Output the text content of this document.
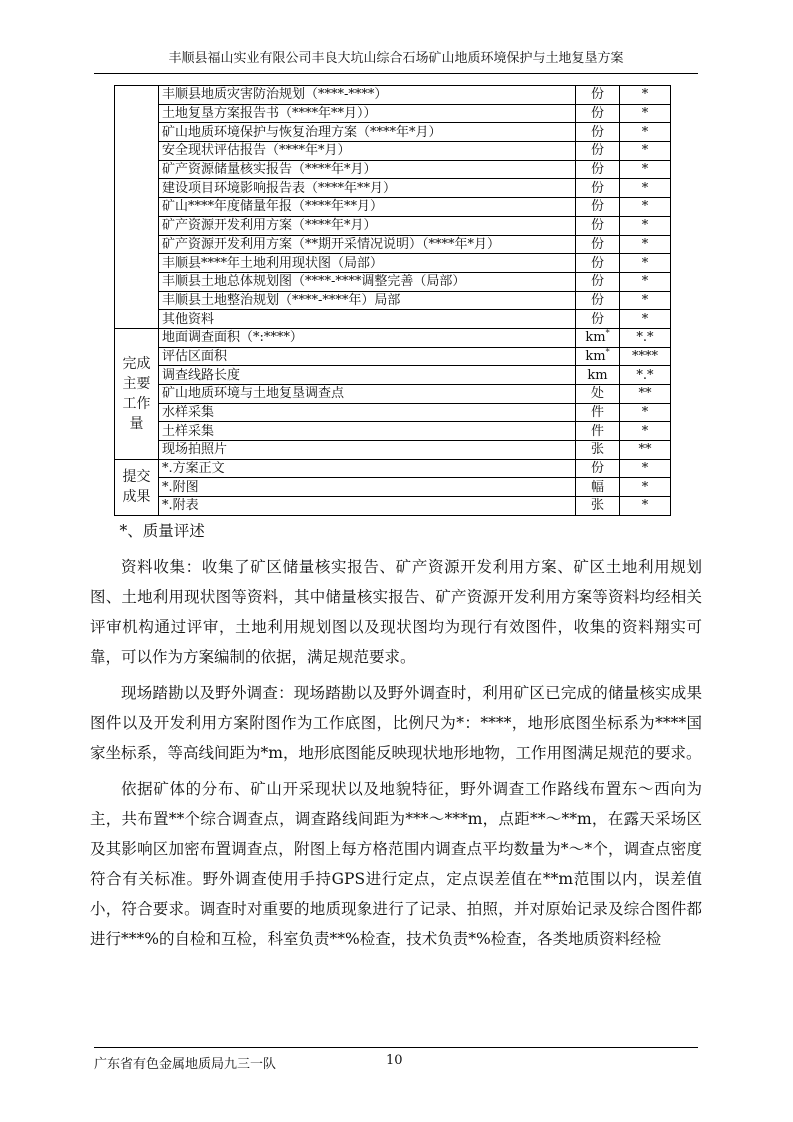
丰顺县福山实业有限公司丰良大坑山综合石场矿山地质环境保护与土地复垦方案
	丰顺县地质灾害防治规划（****-****）	份	*
	土地复垦方案报告书（****年**月））	份	*
	矿山地质环境保护与恢复治理方案（****年*月）	份	*
	安全现状评估报告（****年*月）	份	*
	矿产资源储量核实报告（****年*月）	份	*
	建设项目环境影响报告表（****年**月）	份	*
	矿山****年度储量年报（****年**月）	份	*
	矿产资源开发利用方案（****年*月）	份	*
	矿产资源开发利用方案（**期开采情况说明）（****年*月）	份	*
	丰顺县****年土地利用现状图（局部）	份	*
	丰顺县土地总体规划图（****-****调整完善（局部）	份	*
	丰顺县土地整治规划（****-****年）局部	份	*
	其他资料	份	*
完成主要工作量	地面调查面积（*:****）	km*	*.*
	评估区面积	km*	****
	调查线路长度	km	*.*
	矿山地质环境与土地复垦调查点	处	**
	水样采集	件	*
	土样采集	件	*
	现场拍照片	张	**
提交成果	*.方案正文	份	*
	*.附图	幅	*
	*.附表	张	*

*、质量评述

资料收集：收集了矿区储量核实报告、矿产资源开发利用方案、矿区土地利用规划图、土地利用现状图等资料，其中储量核实报告、矿产资源开发利用方案等资料均经相关评审机构通过评审，土地利用规划图以及现状图均为现行有效图件，收集的资料翔实可靠，可以作为方案编制的依据，满足规范要求。

现场踏勘以及野外调查：现场踏勘以及野外调查时，利用矿区已完成的储量核实成果图件以及开发利用方案附图作为工作底图，比例尺为*：****，地形底图坐标系为****国家坐标系，等高线间距为*m，地形底图能反映现状地形地物，工作用图满足规范的要求。

依据矿体的分布、矿山开采现状以及地貌特征，野外调查工作路线布置东～西向为主，共布置**个综合调查点，调查路线间距为***～***m，点距**～**m，在露天采场区及其影响区加密布置调查点，附图上每方格范围内调查点平均数量为*～*个，调查点密度符合有关标准。野外调查使用手持GPS进行定点，定点误差值在**m范围以内，误差值小，符合要求。调查时对重要的地质现象进行了记录、拍照，并对原始记录及综合图件都进行***%的自检和互检，科室负责**%检查，技术负责*%检查，各类地质资料经检

广东省有色金属地质局九三一队	10
